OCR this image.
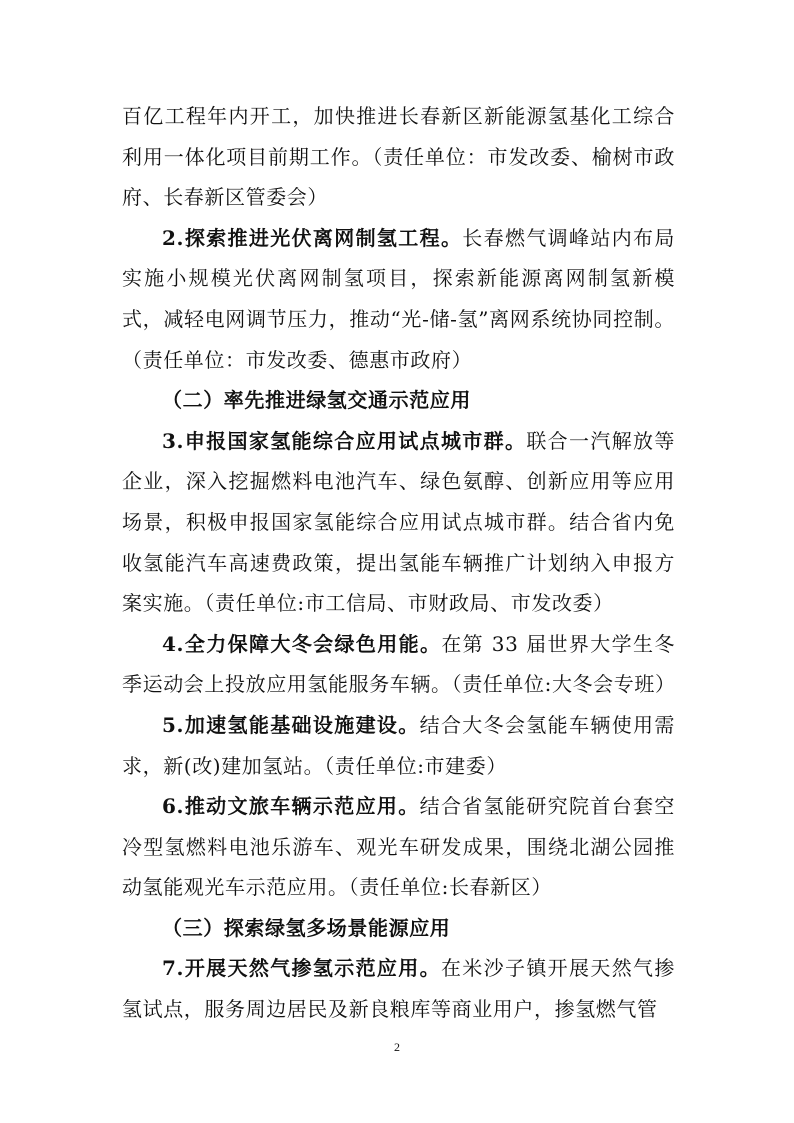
百亿工程年内开工，加快推进长春新区新能源氢基化工综合利用一体化项目前期工作。（责任单位：市发改委、榆树市政府、长春新区管委会）

2.探索推进光伏离网制氢工程。长春燃气调峰站内布局实施小规模光伏离网制氢项目，探索新能源离网制氢新模式，减轻电网调节压力，推动“光-储-氢”离网系统协同控制。（责任单位：市发改委、德惠市政府）

（二）率先推进绿氢交通示范应用

3.申报国家氢能综合应用试点城市群。联合一汽解放等企业，深入挖掘燃料电池汽车、绿色氨醇、创新应用等应用场景，积极申报国家氢能综合应用试点城市群。结合省内免收氢能汽车高速费政策，提出氢能车辆推广计划纳入申报方案实施。（责任单位:市工信局、市财政局、市发改委）

4.全力保障大冬会绿色用能。在第 33 届世界大学生冬季运动会上投放应用氢能服务车辆。（责任单位:大冬会专班）

5.加速氢能基础设施建设。结合大冬会氢能车辆使用需求，新(改)建加氢站。（责任单位:市建委）

6.推动文旅车辆示范应用。结合省氢能研究院首台套空冷型氢燃料电池乐游车、观光车研发成果，围绕北湖公园推动氢能观光车示范应用。（责任单位:长春新区）

（三）探索绿氢多场景能源应用

7.开展天然气掺氢示范应用。在米沙子镇开展天然气掺氢试点，服务周边居民及新良粮库等商业用户，掺氢燃气管

2
